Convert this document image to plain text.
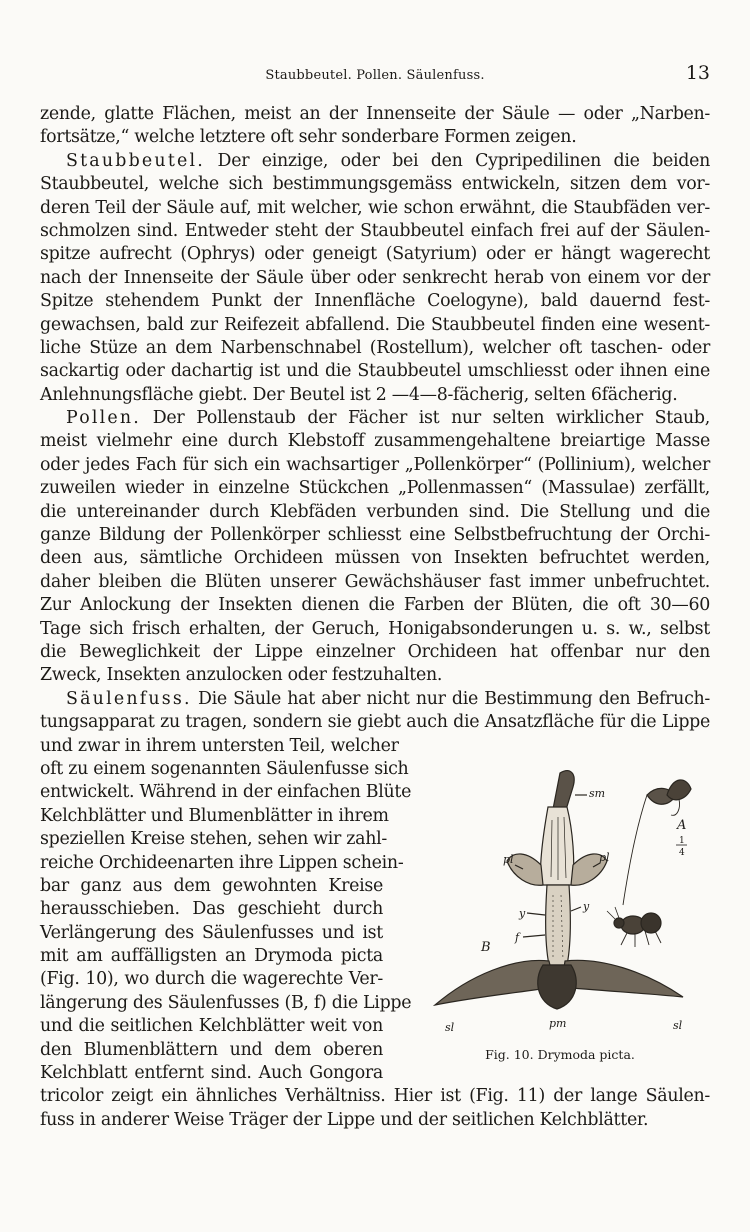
Staubbeutel. Pollen. Säulenfuss.	13
zende, glatte Flächen, meist an der Innenseite der Säule — oder „Narben-
fortsätze,“ welche letztere oft sehr sonderbare Formen zeigen.
Staubbeutel. Der einzige, oder bei den Cypripedilinen die beiden
Staubbeutel, welche sich bestimmungsgemäss entwickeln, sitzen dem vor-
deren Teil der Säule auf, mit welcher, wie schon erwähnt, die Staubfäden ver-
schmolzen sind. Entweder steht der Staubbeutel einfach frei auf der Säulen-
spitze aufrecht (Ophrys) oder geneigt (Satyrium) oder er hängt wagerecht
nach der Innenseite der Säule über oder senkrecht herab von einem vor der
Spitze stehendem Punkt der Innenfläche Coelogyne), bald dauernd fest-
gewachsen, bald zur Reifezeit abfallend. Die Staubbeutel finden eine wesent-
liche Stüze an dem Narbenschnabel (Rostellum), welcher oft taschen- oder
sackartig oder dachartig ist und die Staubbeutel umschliesst oder ihnen eine
Anlehnungsfläche giebt. Der Beutel ist 2 —4—8-fächerig, selten 6fächerig.
Pollen. Der Pollenstaub der Fächer ist nur selten wirklicher Staub,
meist vielmehr eine durch Klebstoff zusammengehaltene breiartige Masse
oder jedes Fach für sich ein wachsartiger „Pollenkörper“ (Pollinium), welcher
zuweilen wieder in einzelne Stückchen „Pollenmassen“ (Massulae) zerfällt,
die untereinander durch Klebfäden verbunden sind. Die Stellung und die
ganze Bildung der Pollenkörper schliesst eine Selbstbefruchtung der Orchi-
deen aus, sämtliche Orchideen müssen von Insekten befruchtet werden,
daher bleiben die Blüten unserer Gewächshäuser fast immer unbefruchtet.
Zur Anlockung der Insekten dienen die Farben der Blüten, die oft 30—60
Tage sich frisch erhalten, der Geruch, Honigabsonderungen u. s. w., selbst
die Beweglichkeit der Lippe einzelner Orchideen hat offenbar nur den
Zweck, Insekten anzulocken oder festzuhalten.
Säulenfuss. Die Säule hat aber nicht nur die Bestimmung den Befruch-
tungsapparat zu tragen, sondern sie giebt auch die Ansatzfläche für die Lippe
und zwar in ihrem untersten Teil, welcher
oft zu einem sogenannten Säulenfusse sich
entwickelt. Während in der einfachen Blüte
Kelchblätter und Blumenblätter in ihrem
speziellen Kreise stehen, sehen wir zahl-
reiche Orchideenarten ihre Lippen schein-
bar ganz aus dem gewohnten Kreise
herausschieben. Das geschieht durch
Verlängerung des Säulenfusses und ist
mit am auffälligsten an Drymoda picta
(Fig. 10), wo durch die wagerechte Ver-
längerung des Säulenfusses (B, f) die Lippe
und die seitlichen Kelchblätter weit von
den Blumenblättern und dem oberen
Kelchblatt entfernt sind. Auch Gongora
tricolor zeigt ein ähnliches Verhältniss. Hier ist (Fig. 11) der lange Säulen-
fuss in anderer Weise Träger der Lippe und der seitlichen Kelchblätter.
sm
pl	pl
y
y
f
B
pm
sl	sl
A
1
4
Fig. 10. Drymoda picta.
